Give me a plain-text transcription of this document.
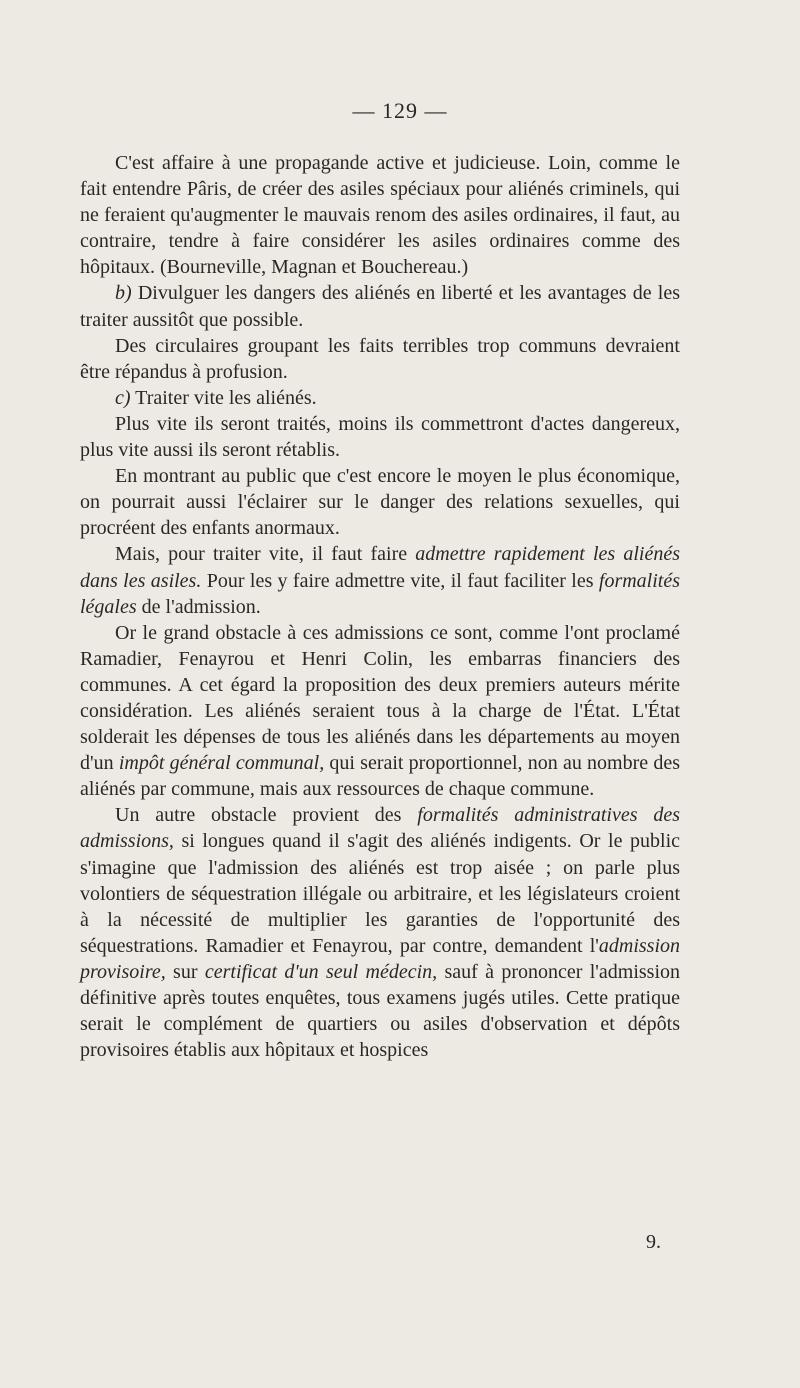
— 129 —

C'est affaire à une propagande active et judicieuse. Loin, comme le fait entendre Pâris, de créer des asiles spéciaux pour aliénés criminels, qui ne feraient qu'augmenter le mauvais renom des asiles ordinaires, il faut, au contraire, tendre à faire considérer les asiles ordinaires comme des hôpitaux. (Bourneville, Magnan et Bouchereau.)

b) Divulguer les dangers des aliénés en liberté et les avantages de les traiter aussitôt que possible.

Des circulaires groupant les faits terribles trop communs devraient être répandus à profusion.

c) Traiter vite les aliénés.

Plus vite ils seront traités, moins ils commettront d'actes dangereux, plus vite aussi ils seront rétablis.

En montrant au public que c'est encore le moyen le plus économique, on pourrait aussi l'éclairer sur le danger des relations sexuelles, qui procréent des enfants anormaux.

Mais, pour traiter vite, il faut faire admettre rapidement les aliénés dans les asiles. Pour les y faire admettre vite, il faut faciliter les formalités légales de l'admission.

Or le grand obstacle à ces admissions ce sont, comme l'ont proclamé Ramadier, Fenayrou et Henri Colin, les embarras financiers des communes. A cet égard la proposition des deux premiers auteurs mérite considération. Les aliénés seraient tous à la charge de l'État. L'État solderait les dépenses de tous les aliénés dans les départements au moyen d'un impôt général communal, qui serait proportionnel, non au nombre des aliénés par commune, mais aux ressources de chaque commune.

Un autre obstacle provient des formalités administratives des admissions, si longues quand il s'agit des aliénés indigents. Or le public s'imagine que l'admission des aliénés est trop aisée ; on parle plus volontiers de séquestration illégale ou arbitraire, et les législateurs croient à la nécessité de multiplier les garanties de l'opportunité des séquestrations. Ramadier et Fenayrou, par contre, demandent l'admission provisoire, sur certificat d'un seul médecin, sauf à prononcer l'admission définitive après toutes enquêtes, tous examens jugés utiles. Cette pratique serait le complément de quartiers ou asiles d'observation et dépôts provisoires établis aux hôpitaux et hospices

9.
